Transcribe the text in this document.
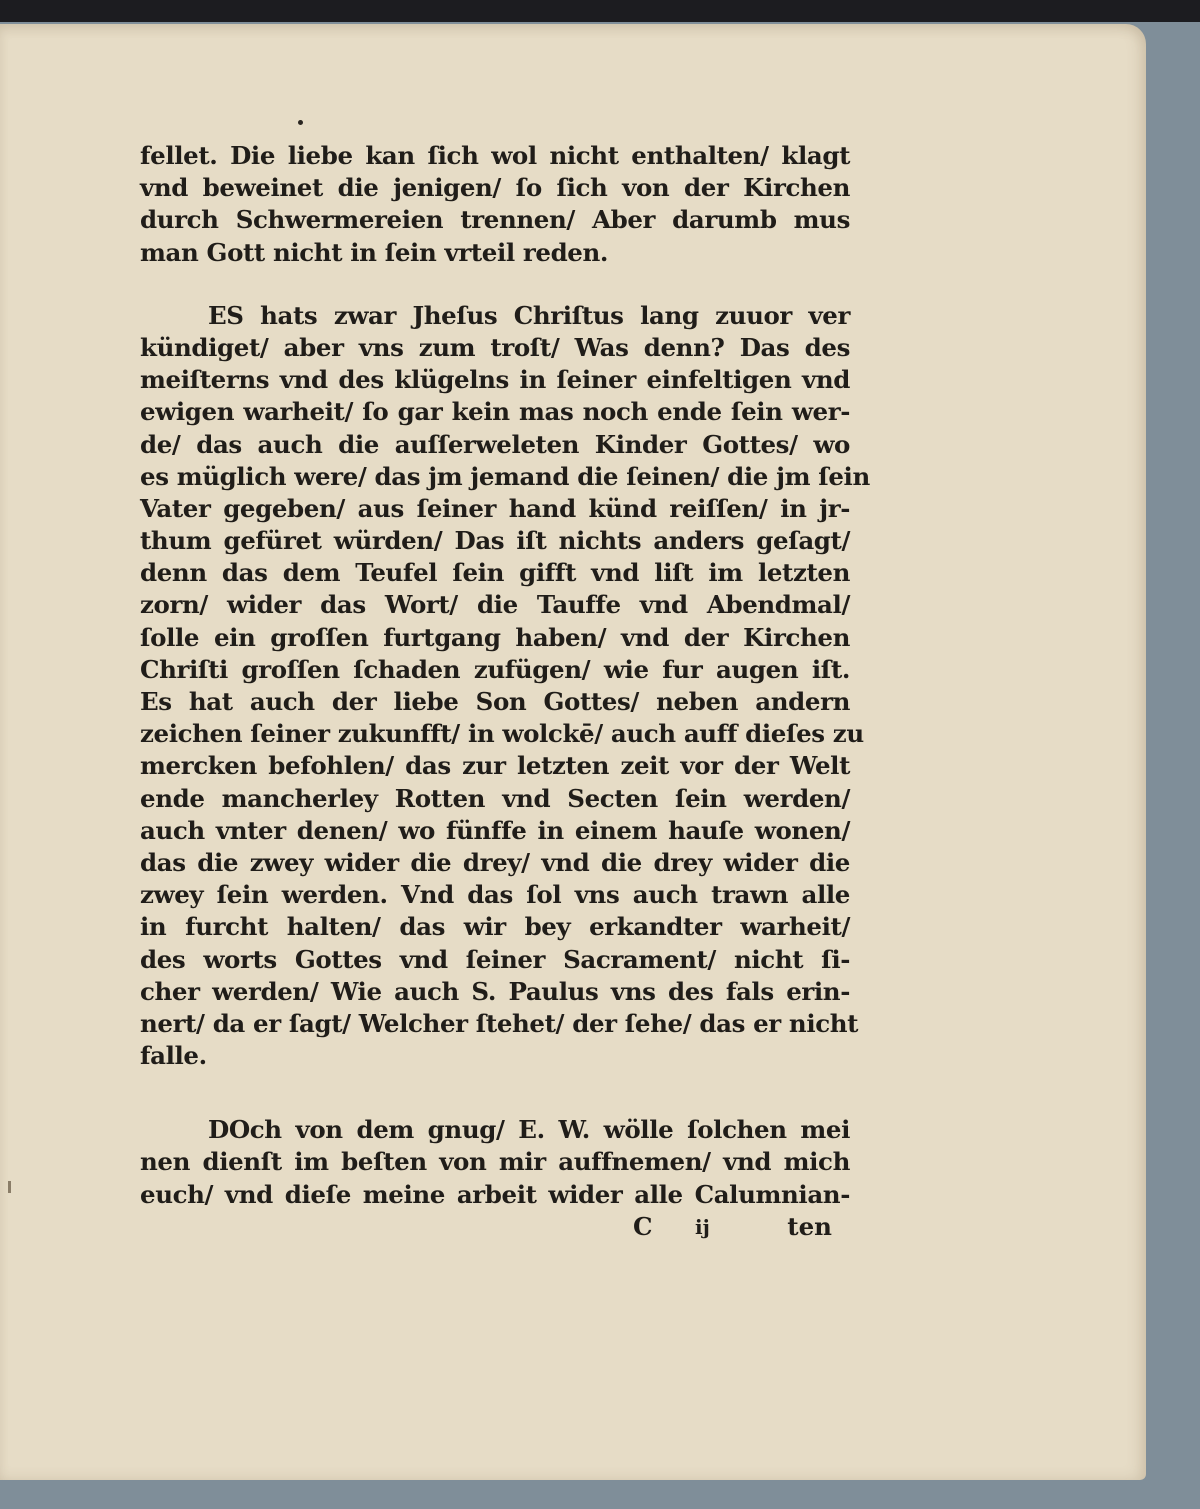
fellet. Die liebe kan ſich wol nicht enthalten/ klagt
vnd beweinet die jenigen/ ſo ſich von der Kirchen
durch Schwermereien trennen/ Aber darumb mus
man Gott nicht in ſein vrteil reden.
ES hats zwar Jheſus Chriſtus lang zuuor ver
kündiget/ aber vns zum troſt/ Was denn? Das des
meiſterns vnd des klügelns in ſeiner einfeltigen vnd
ewigen warheit/ ſo gar kein mas noch ende ſein wer-
de/ das auch die auſſerweleten Kinder Gottes/ wo
es müglich were/ das jm jemand die ſeinen/ die jm ſein
Vater gegeben/ aus ſeiner hand künd reiſſen/ in jr-
thum gefüret würden/ Das iſt nichts anders geſagt/
denn das dem Teufel ſein gifft vnd liſt im letzten
zorn/ wider das Wort/ die Tauffe vnd Abendmal/
ſolle ein groſſen furtgang haben/ vnd der Kirchen
Chriſti groſſen ſchaden zufügen/ wie fur augen iſt.
Es hat auch der liebe Son Gottes/ neben andern
zeichen ſeiner zukunfft/ in wolckē/ auch auff dieſes zu
mercken befohlen/ das zur letzten zeit vor der Welt
ende mancherley Rotten vnd Secten ſein werden/
auch vnter denen/ wo fünffe in einem hauſe wonen/
das die zwey wider die drey/ vnd die drey wider die
zwey ſein werden. Vnd das ſol vns auch trawn alle
in furcht halten/ das wir bey erkandter warheit/
des worts Gottes vnd ſeiner Sacrament/ nicht ſi-
cher werden/ Wie auch S. Paulus vns des fals erin-
nert/ da er ſagt/ Welcher ſtehet/ der ſehe/ das er nicht
falle.
DOch von dem gnug/ E. W. wölle ſolchen mei
nen dienſt im beſten von mir auffnemen/ vnd mich
euch/ vnd dieſe meine arbeit wider alle Calumnian-
C ij	ten
